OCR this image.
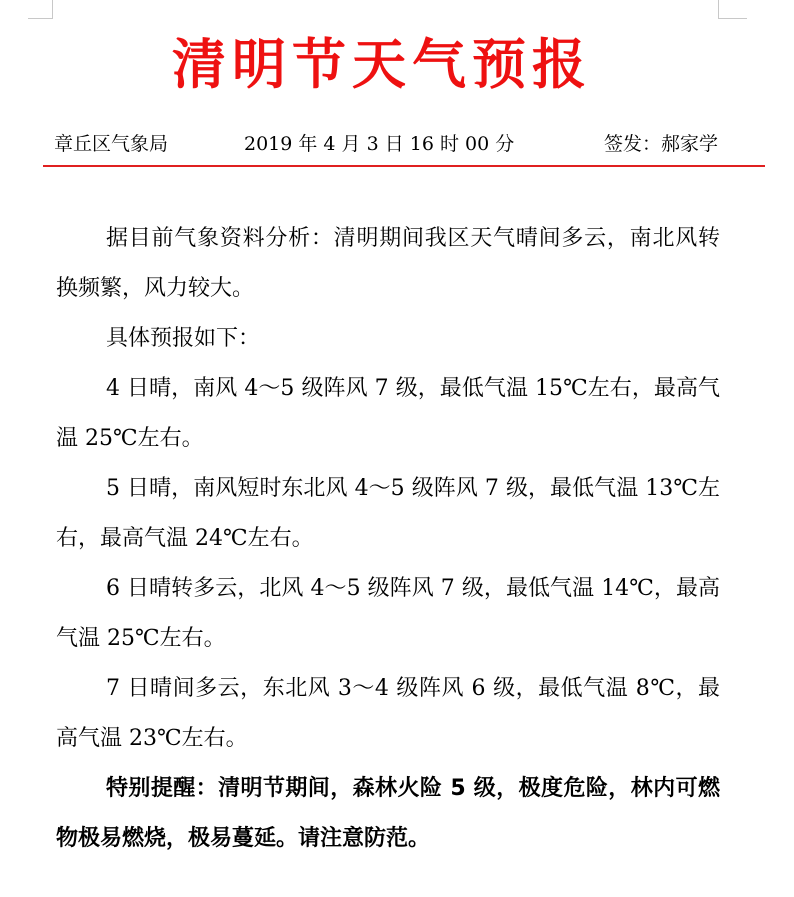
清明节天气预报
章丘区气象局	2019 年 4 月 3 日 16 时 00 分	签发：郝家学

据目前气象资料分析：清明期间我区天气晴间多云，南北风转换频繁，风力较大。

具体预报如下：

4 日晴，南风 4～5 级阵风 7 级，最低气温 15℃左右，最高气温 25℃左右。

5 日晴，南风短时东北风 4～5 级阵风 7 级，最低气温 13℃左右，最高气温 24℃左右。

6 日晴转多云，北风 4～5 级阵风 7 级，最低气温 14℃，最高气温 25℃左右。

7 日晴间多云，东北风 3～4 级阵风 6 级，最低气温 8℃，最高气温 23℃左右。

特别提醒：清明节期间，森林火险 5 级，极度危险，林内可燃物极易燃烧，极易蔓延。请注意防范。
